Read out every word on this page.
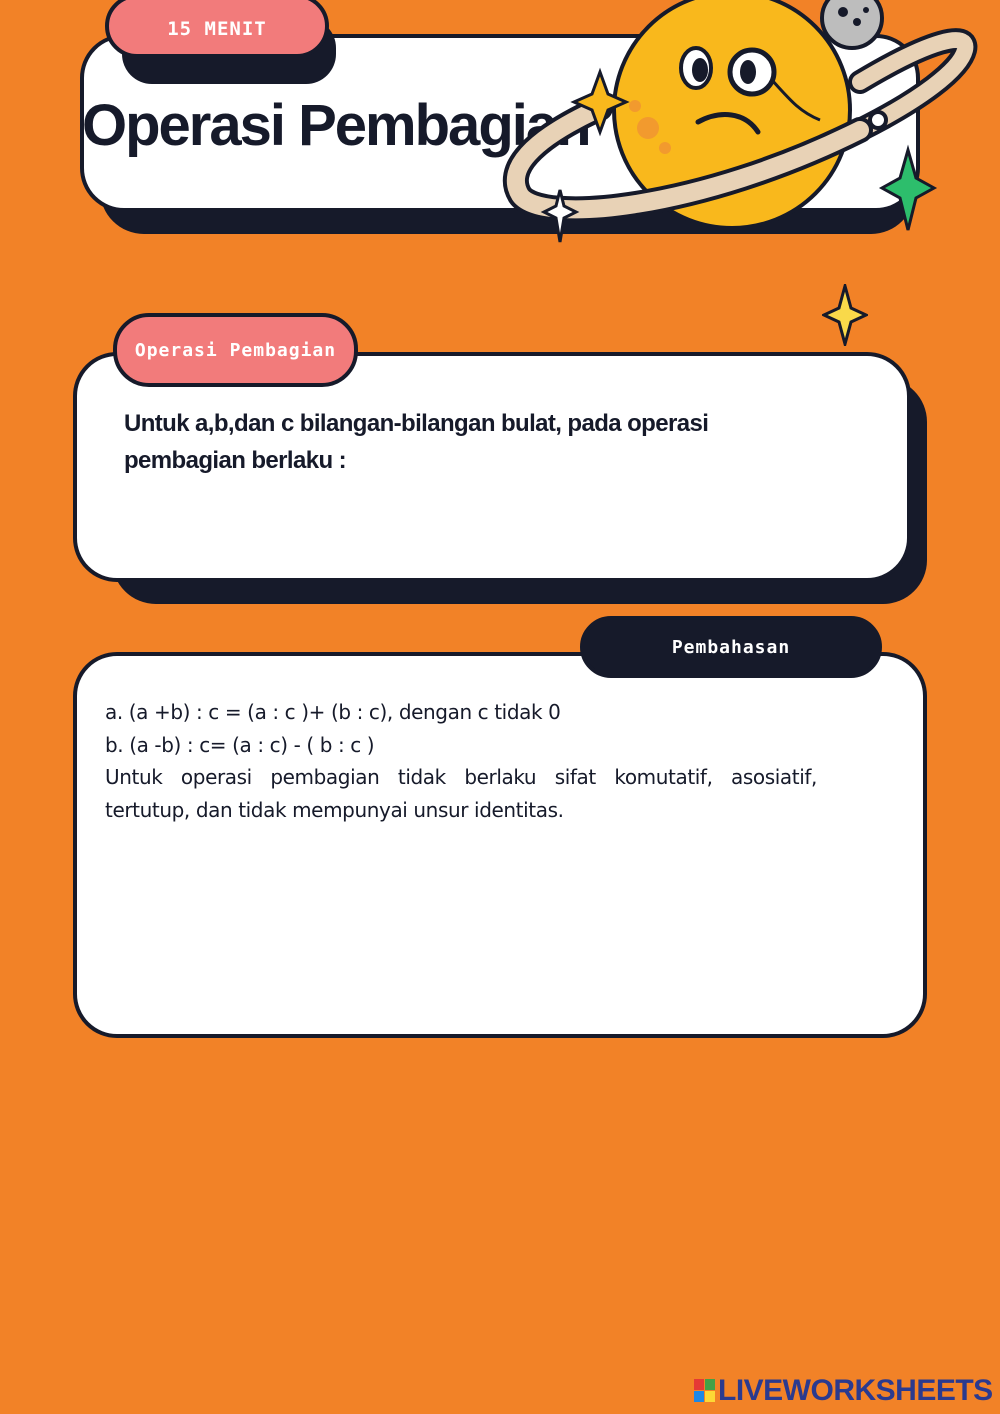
15 MENIT
Operasi Pembagian
Operasi Pembagian
Untuk a,b,dan c bilangan-bilangan bulat, pada operasi pembagian berlaku :
Pembahasan
a. (a +b) : c = (a : c )+ (b : c), dengan c tidak 0
b. (a -b) : c= (a : c) - ( b : c )
Untuk operasi pembagian tidak berlaku sifat komutatif, asosiatif, tertutup, dan tidak mempunyai unsur identitas.
LIVEWORKSHEETS
